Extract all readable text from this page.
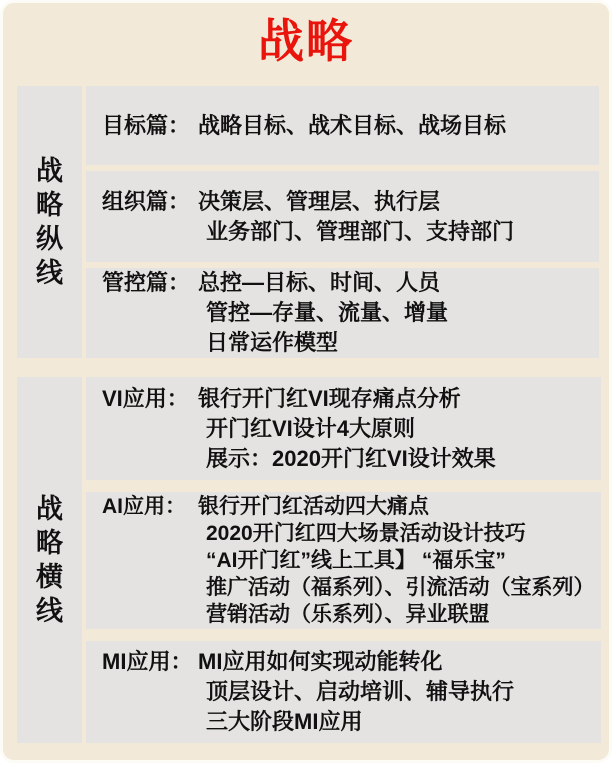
战略
战略纵线
目标篇： 战略目标、战术目标、战场目标
组织篇： 决策层、管理层、执行层
业务部门、管理部门、支持部门
管控篇： 总控—目标、时间、人员
管控—存量、流量、增量
日常运作模型
战略横线
VI应用： 银行开门红VI现存痛点分析
开门红VI设计4大原则
展示：2020开门红VI设计效果
AI应用： 银行开门红活动四大痛点
2020开门红四大场景活动设计技巧
“AI开门红”线上工具】 “福乐宝”
推广活动（福系列）、引流活动（宝系列）
营销活动（乐系列）、异业联盟
MI应用： MI应用如何实现动能转化
顶层设计、启动培训、辅导执行
三大阶段MI应用
